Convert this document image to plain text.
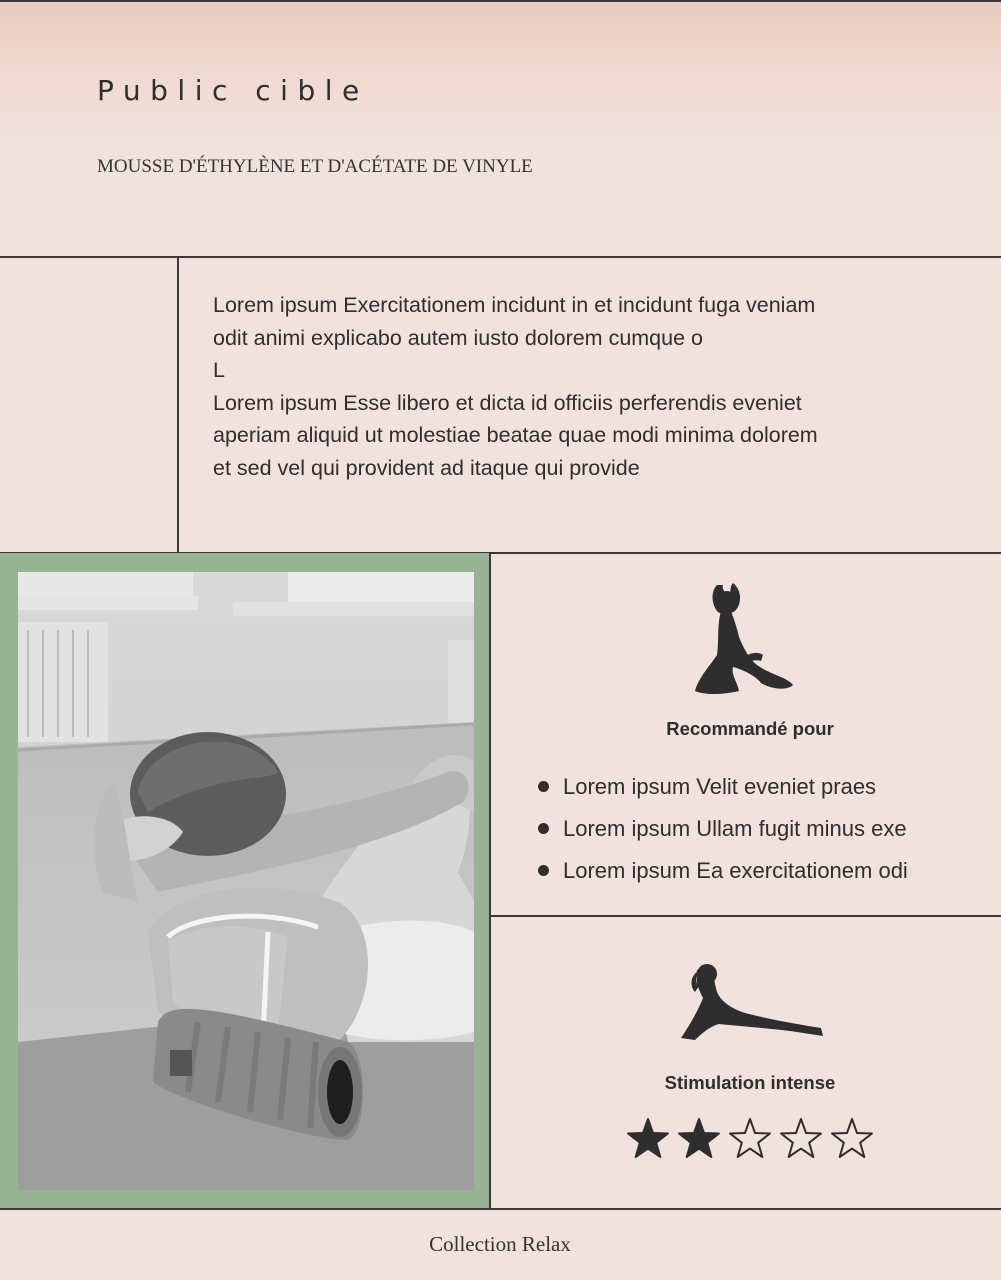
Public cible
MOUSSE D'ÉTHYLÈNE ET D'ACÉTATE DE VINYLE
Lorem ipsum Exercitationem incidunt in et incidunt fuga veniam
odit animi explicabo autem iusto dolorem cumque o
L
Lorem ipsum Esse libero et dicta id officiis perferendis eveniet
aperiam aliquid ut molestiae beatae quae modi minima dolorem
et sed vel qui provident ad itaque qui provide
Recommandé pour
Lorem ipsum Velit eveniet praes
Lorem ipsum Ullam fugit minus exe
Lorem ipsum Ea exercitationem odi
Stimulation intense
Collection Relax
